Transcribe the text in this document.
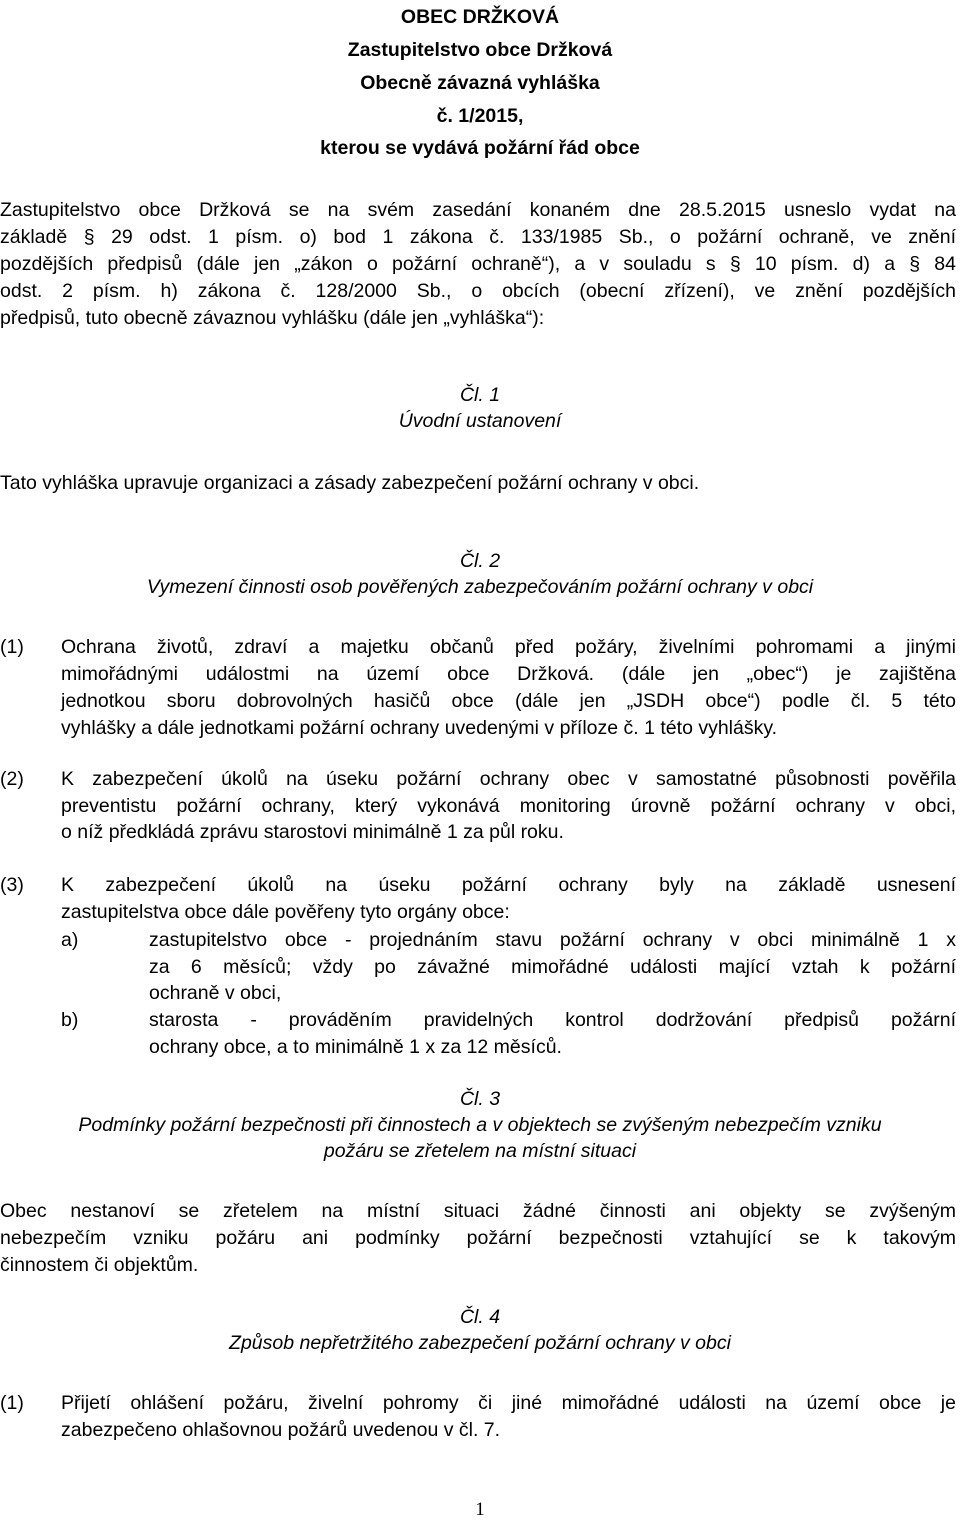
OBEC DRŽKOVÁ
Zastupitelstvo obce Držková
Obecně závazná vyhláška
č. 1/2015,
kterou se vydává požární řád obce
Zastupitelstvo obce Držková se na svém zasedání konaném dne 28.5.2015 usneslo vydat na
základě § 29 odst. 1 písm. o) bod 1 zákona č. 133/1985 Sb., o požární ochraně, ve znění
pozdějších předpisů (dále jen „zákon o požární ochraně“), a v souladu s § 10 písm. d) a § 84
odst. 2 písm. h) zákona č. 128/2000 Sb., o obcích (obecní zřízení), ve znění pozdějších
předpisů, tuto obecně závaznou vyhlášku (dále jen „vyhláška“):
Čl. 1
Úvodní ustanovení
Tato vyhláška upravuje organizaci a zásady zabezpečení požární ochrany v obci.
Čl. 2
Vymezení činnosti osob pověřených zabezpečováním požární ochrany v obci
(1) Ochrana životů, zdraví a majetku občanů před požáry, živelními pohromami a jinými
mimořádnými událostmi na území obce Držková. (dále jen „obec“) je zajištěna
jednotkou sboru dobrovolných hasičů obce (dále jen „JSDH obce“) podle čl. 5 této
vyhlášky a dále jednotkami požární ochrany uvedenými v příloze č. 1 této vyhlášky.
(2) K zabezpečení úkolů na úseku požární ochrany obec v samostatné působnosti pověřila
preventistu požární ochrany, který vykonává monitoring úrovně požární ochrany v obci,
o níž předkládá zprávu starostovi minimálně 1 za půl roku.
(3) K zabezpečení úkolů na úseku požární ochrany byly na základě usnesení
zastupitelstva obce dále pověřeny tyto orgány obce:
a)	zastupitelstvo obce - projednáním stavu požární ochrany v obci minimálně 1 x
za 6 měsíců; vždy po závažné mimořádné události mající vztah k požární
ochraně v obci,
b)	starosta - prováděním pravidelných kontrol dodržování předpisů požární
ochrany obce, a to minimálně 1 x za 12 měsíců.
Čl. 3
Podmínky požární bezpečnosti při činnostech a v objektech se zvýšeným nebezpečím vzniku
požáru se zřetelem na místní situaci
Obec nestanoví se zřetelem na místní situaci žádné činnosti ani objekty se zvýšeným
nebezpečím vzniku požáru ani podmínky požární bezpečnosti vztahující se k takovým
činnostem či objektům.
Čl. 4
Způsob nepřetržitého zabezpečení požární ochrany v obci
(1) Přijetí ohlášení požáru, živelní pohromy či jiné mimořádné události na území obce je
zabezpečeno ohlašovnou požárů uvedenou v čl. 7.
1
